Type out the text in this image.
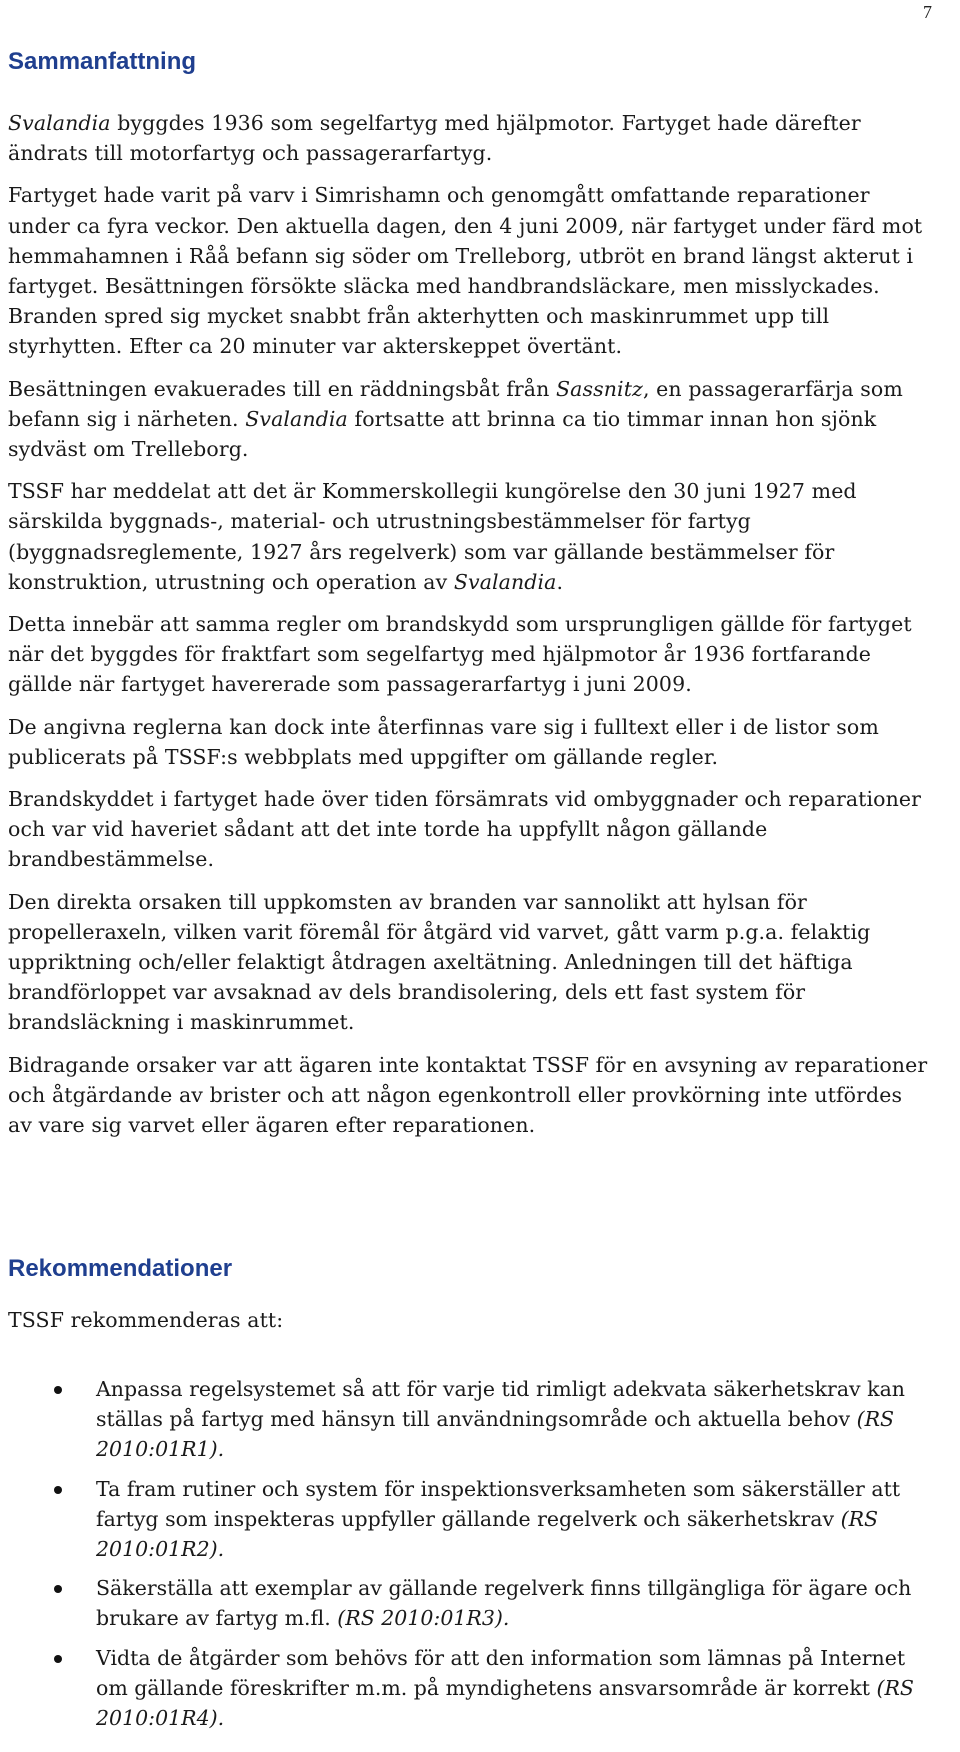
7
Sammanfattning

Svalandia byggdes 1936 som segelfartyg med hjälpmotor. Fartyget hade därefter ändrats till motorfartyg och passagerarfartyg.

Fartyget hade varit på varv i Simrishamn och genomgått omfattande reparationer under ca fyra veckor. Den aktuella dagen, den 4 juni 2009, när fartyget under färd mot hemmahamnen i Råå befann sig söder om Trelleborg, utbröt en brand längst akterut i fartyget. Besättningen försökte släcka med handbrandsläckare, men misslyckades. Branden spred sig mycket snabbt från akterhytten och maskinrummet upp till styrhytten. Efter ca 20 minuter var akterskeppet övertänt.

Besättningen evakuerades till en räddningsbåt från Sassnitz, en passagerarfärja som befann sig i närheten. Svalandia fortsatte att brinna ca tio timmar innan hon sjönk sydväst om Trelleborg.

TSSF har meddelat att det är Kommerskollegii kungörelse den 30 juni 1927 med särskilda byggnads-, material- och utrustningsbestämmelser för fartyg (byggnadsreglemente, 1927 års regelverk) som var gällande bestämmelser för konstruktion, utrustning och operation av Svalandia.

Detta innebär att samma regler om brandskydd som ursprungligen gällde för fartyget när det byggdes för fraktfart som segelfartyg med hjälpmotor år 1936 fortfarande gällde när fartyget havererade som passagerarfartyg i juni 2009.

De angivna reglerna kan dock inte återfinnas vare sig i fulltext eller i de listor som publicerats på TSSF:s webbplats med uppgifter om gällande regler.

Brandskyddet i fartyget hade över tiden försämrats vid ombyggnader och reparationer och var vid haveriet sådant att det inte torde ha uppfyllt någon gällande brandbestämmelse.

Den direkta orsaken till uppkomsten av branden var sannolikt att hylsan för propelleraxeln, vilken varit föremål för åtgärd vid varvet, gått varm p.g.a. felaktig uppriktning och/eller felaktigt åtdragen axeltätning. Anledningen till det häftiga brandförloppet var avsaknad av dels brandisolering, dels ett fast system för brandsläckning i maskinrummet.

Bidragande orsaker var att ägaren inte kontaktat TSSF för en avsyning av reparationer och åtgärdande av brister och att någon egenkontroll eller provkörning inte utfördes av vare sig varvet eller ägaren efter reparationen.

Rekommendationer

TSSF rekommenderas att:

Anpassa regelsystemet så att för varje tid rimligt adekvata säkerhetskrav kan ställas på fartyg med hänsyn till användningsområde och aktuella behov (RS 2010:01R1).
Ta fram rutiner och system för inspektionsverksamheten som säkerställer att fartyg som inspekteras uppfyller gällande regelverk och säkerhetskrav (RS 2010:01R2).
Säkerställa att exemplar av gällande regelverk finns tillgängliga för ägare och brukare av fartyg m.fl. (RS 2010:01R3).
Vidta de åtgärder som behövs för att den information som lämnas på Internet om gällande föreskrifter m.m. på myndighetens ansvarsområde är korrekt (RS 2010:01R4).
